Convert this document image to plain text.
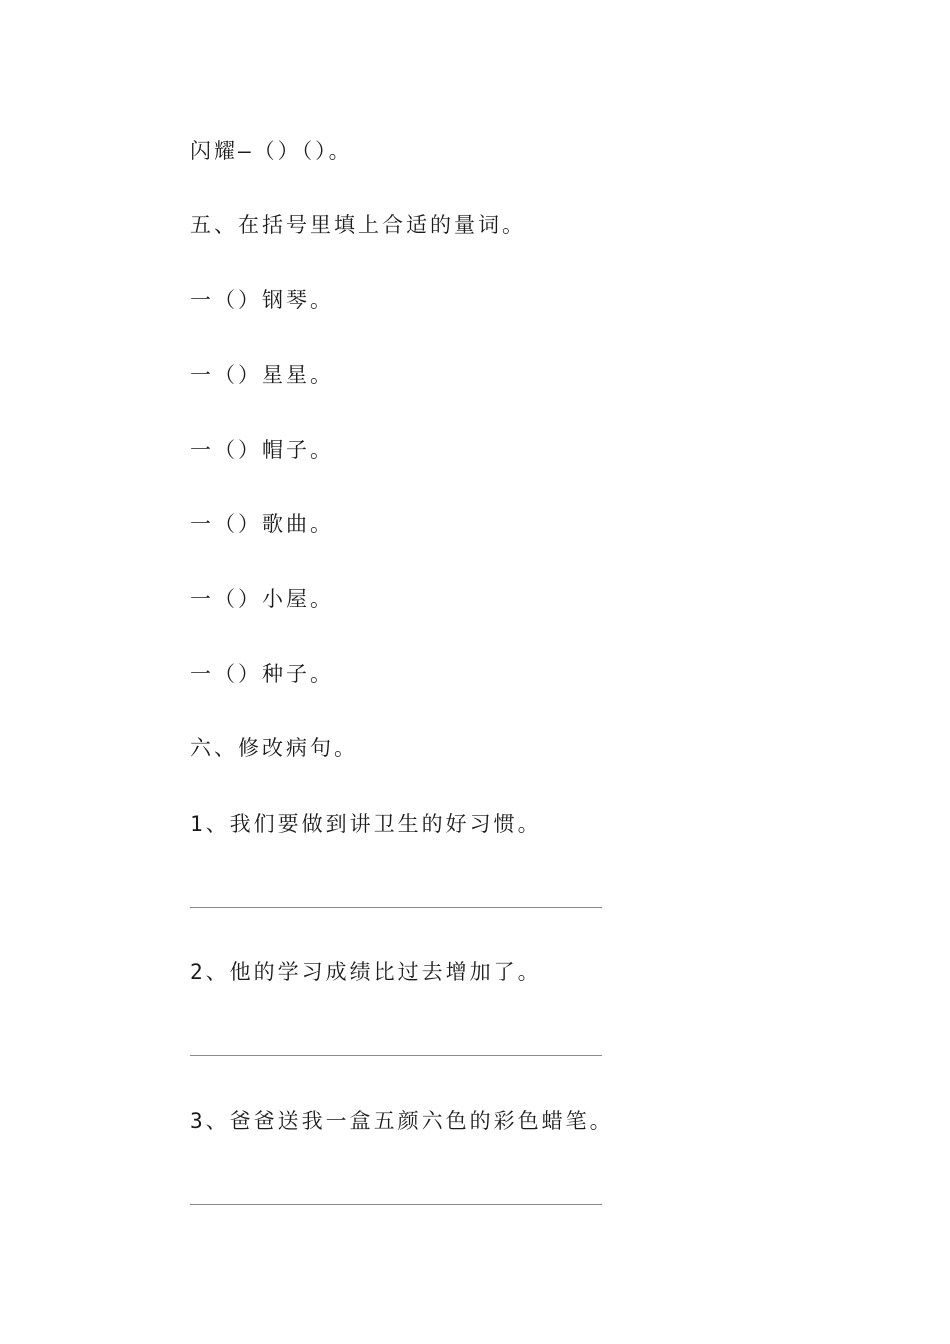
闪耀—（）（）。
五、在括号里填上合适的量词。
一（）钢琴。
一（）星星。
一（）帽子。
一（）歌曲。
一（）小屋。
一（）种子。
六、修改病句。
1、我们要做到讲卫生的好习惯。
2、他的学习成绩比过去增加了。
3、爸爸送我一盒五颜六色的彩色蜡笔。
